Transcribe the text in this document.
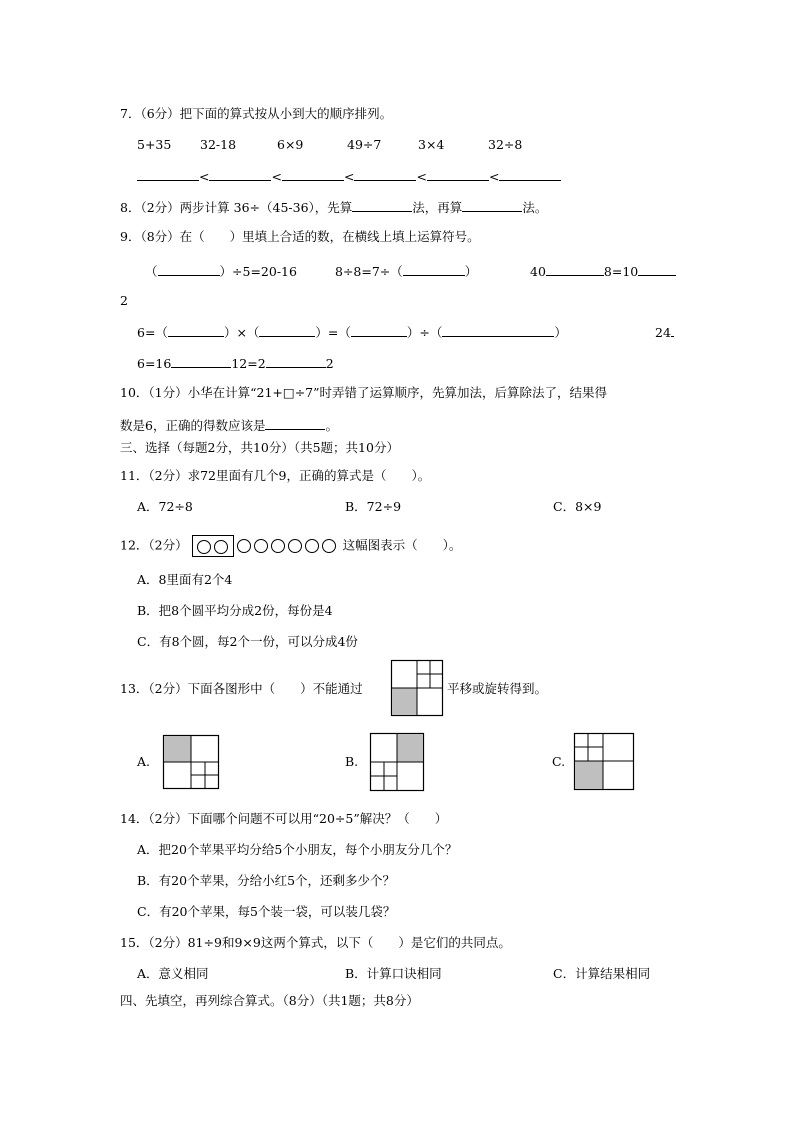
7．（6分）把下面的算式按从小到大的顺序排列。
5+35 32-18	6×9	49÷7	3×4	32÷8
<	<	<	<	<
8．（2分）两步计算 36÷（45-36），先算	法，再算	法。
9．（8分）在（　　）里填上合适的数，在横线上填上运算符号。
（	）÷5=20-16	8÷8=7÷（	）	40	8=10
2
6=（	）×（	）=（	）÷（	）	24
6=16	12=2	2
10．（1分）小华在计算“21+□÷7”时弄错了运算顺序，先算加法，后算除法了，结果得
数是6，正确的得数应该是	。
三、选择（每题2分，共10分）（共5题；共10分）
11．（2分）求72里面有几个9，正确的算式是（　　）。
A．72÷8	B．72÷9	C．8×9
12．（2分）	这幅图表示（　　）。
A．8里面有2个4
B．把8个圆平均分成2份，每份是4
C．有8个圆，每2个一份，可以分成4份
13．（2分）下面各图形中（　　）不能通过	平移或旋转得到。
A.	B.	C.
14．（2分）下面哪个问题不可以用“20÷5”解决？（　　）
A．把20个苹果平均分给5个小朋友，每个小朋友分几个？
B．有20个苹果，分给小红5个，还剩多少个？
C．有20个苹果，每5个装一袋，可以装几袋？
15．（2分）81÷9和9×9这两个算式，以下（　　）是它们的共同点。
A．意义相同	B．计算口诀相同	C．计算结果相同
四、先填空，再列综合算式。（8分）（共1题；共8分）
